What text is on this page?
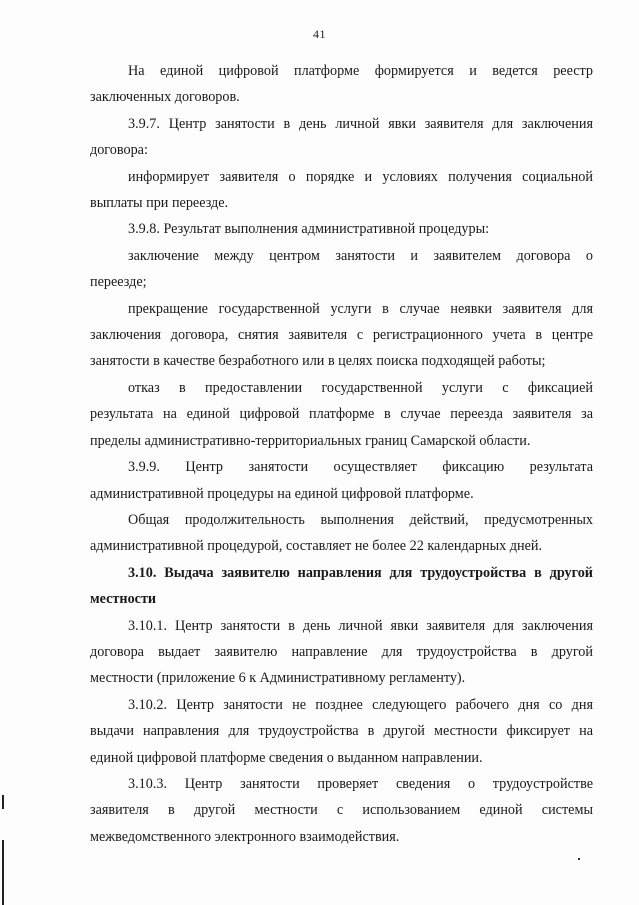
41
На единой цифровой платформе формируется и ведется реестр
заключенных договоров.
3.9.7. Центр занятости в день личной явки заявителя для заключения
договора:
информирует заявителя о порядке и условиях получения социальной
выплаты при переезде.
3.9.8. Результат выполнения административной процедуры:
заключение между центром занятости и заявителем договора о
переезде;
прекращение государственной услуги в случае неявки заявителя для
заключения договора, снятия заявителя с регистрационного учета в центре
занятости в качестве безработного или в целях поиска подходящей работы;
отказ в предоставлении государственной услуги с фиксацией
результата на единой цифровой платформе в случае переезда заявителя за
пределы административно-территориальных границ Самарской области.
3.9.9. Центр занятости осуществляет фиксацию результата
административной процедуры на единой цифровой платформе.
Общая продолжительность выполнения действий, предусмотренных
административной процедурой, составляет не более 22 календарных дней.
3.10. Выдача заявителю направления для трудоустройства в другой
местности
3.10.1. Центр занятости в день личной явки заявителя для заключения
договора выдает заявителю направление для трудоустройства в другой
местности (приложение 6 к Административному регламенту).
3.10.2. Центр занятости не позднее следующего рабочего дня со дня
выдачи направления для трудоустройства в другой местности фиксирует на
единой цифровой платформе сведения о выданном направлении.
3.10.3. Центр занятости проверяет сведения о трудоустройстве
заявителя в другой местности с использованием единой системы
межведомственного электронного взаимодействия.
